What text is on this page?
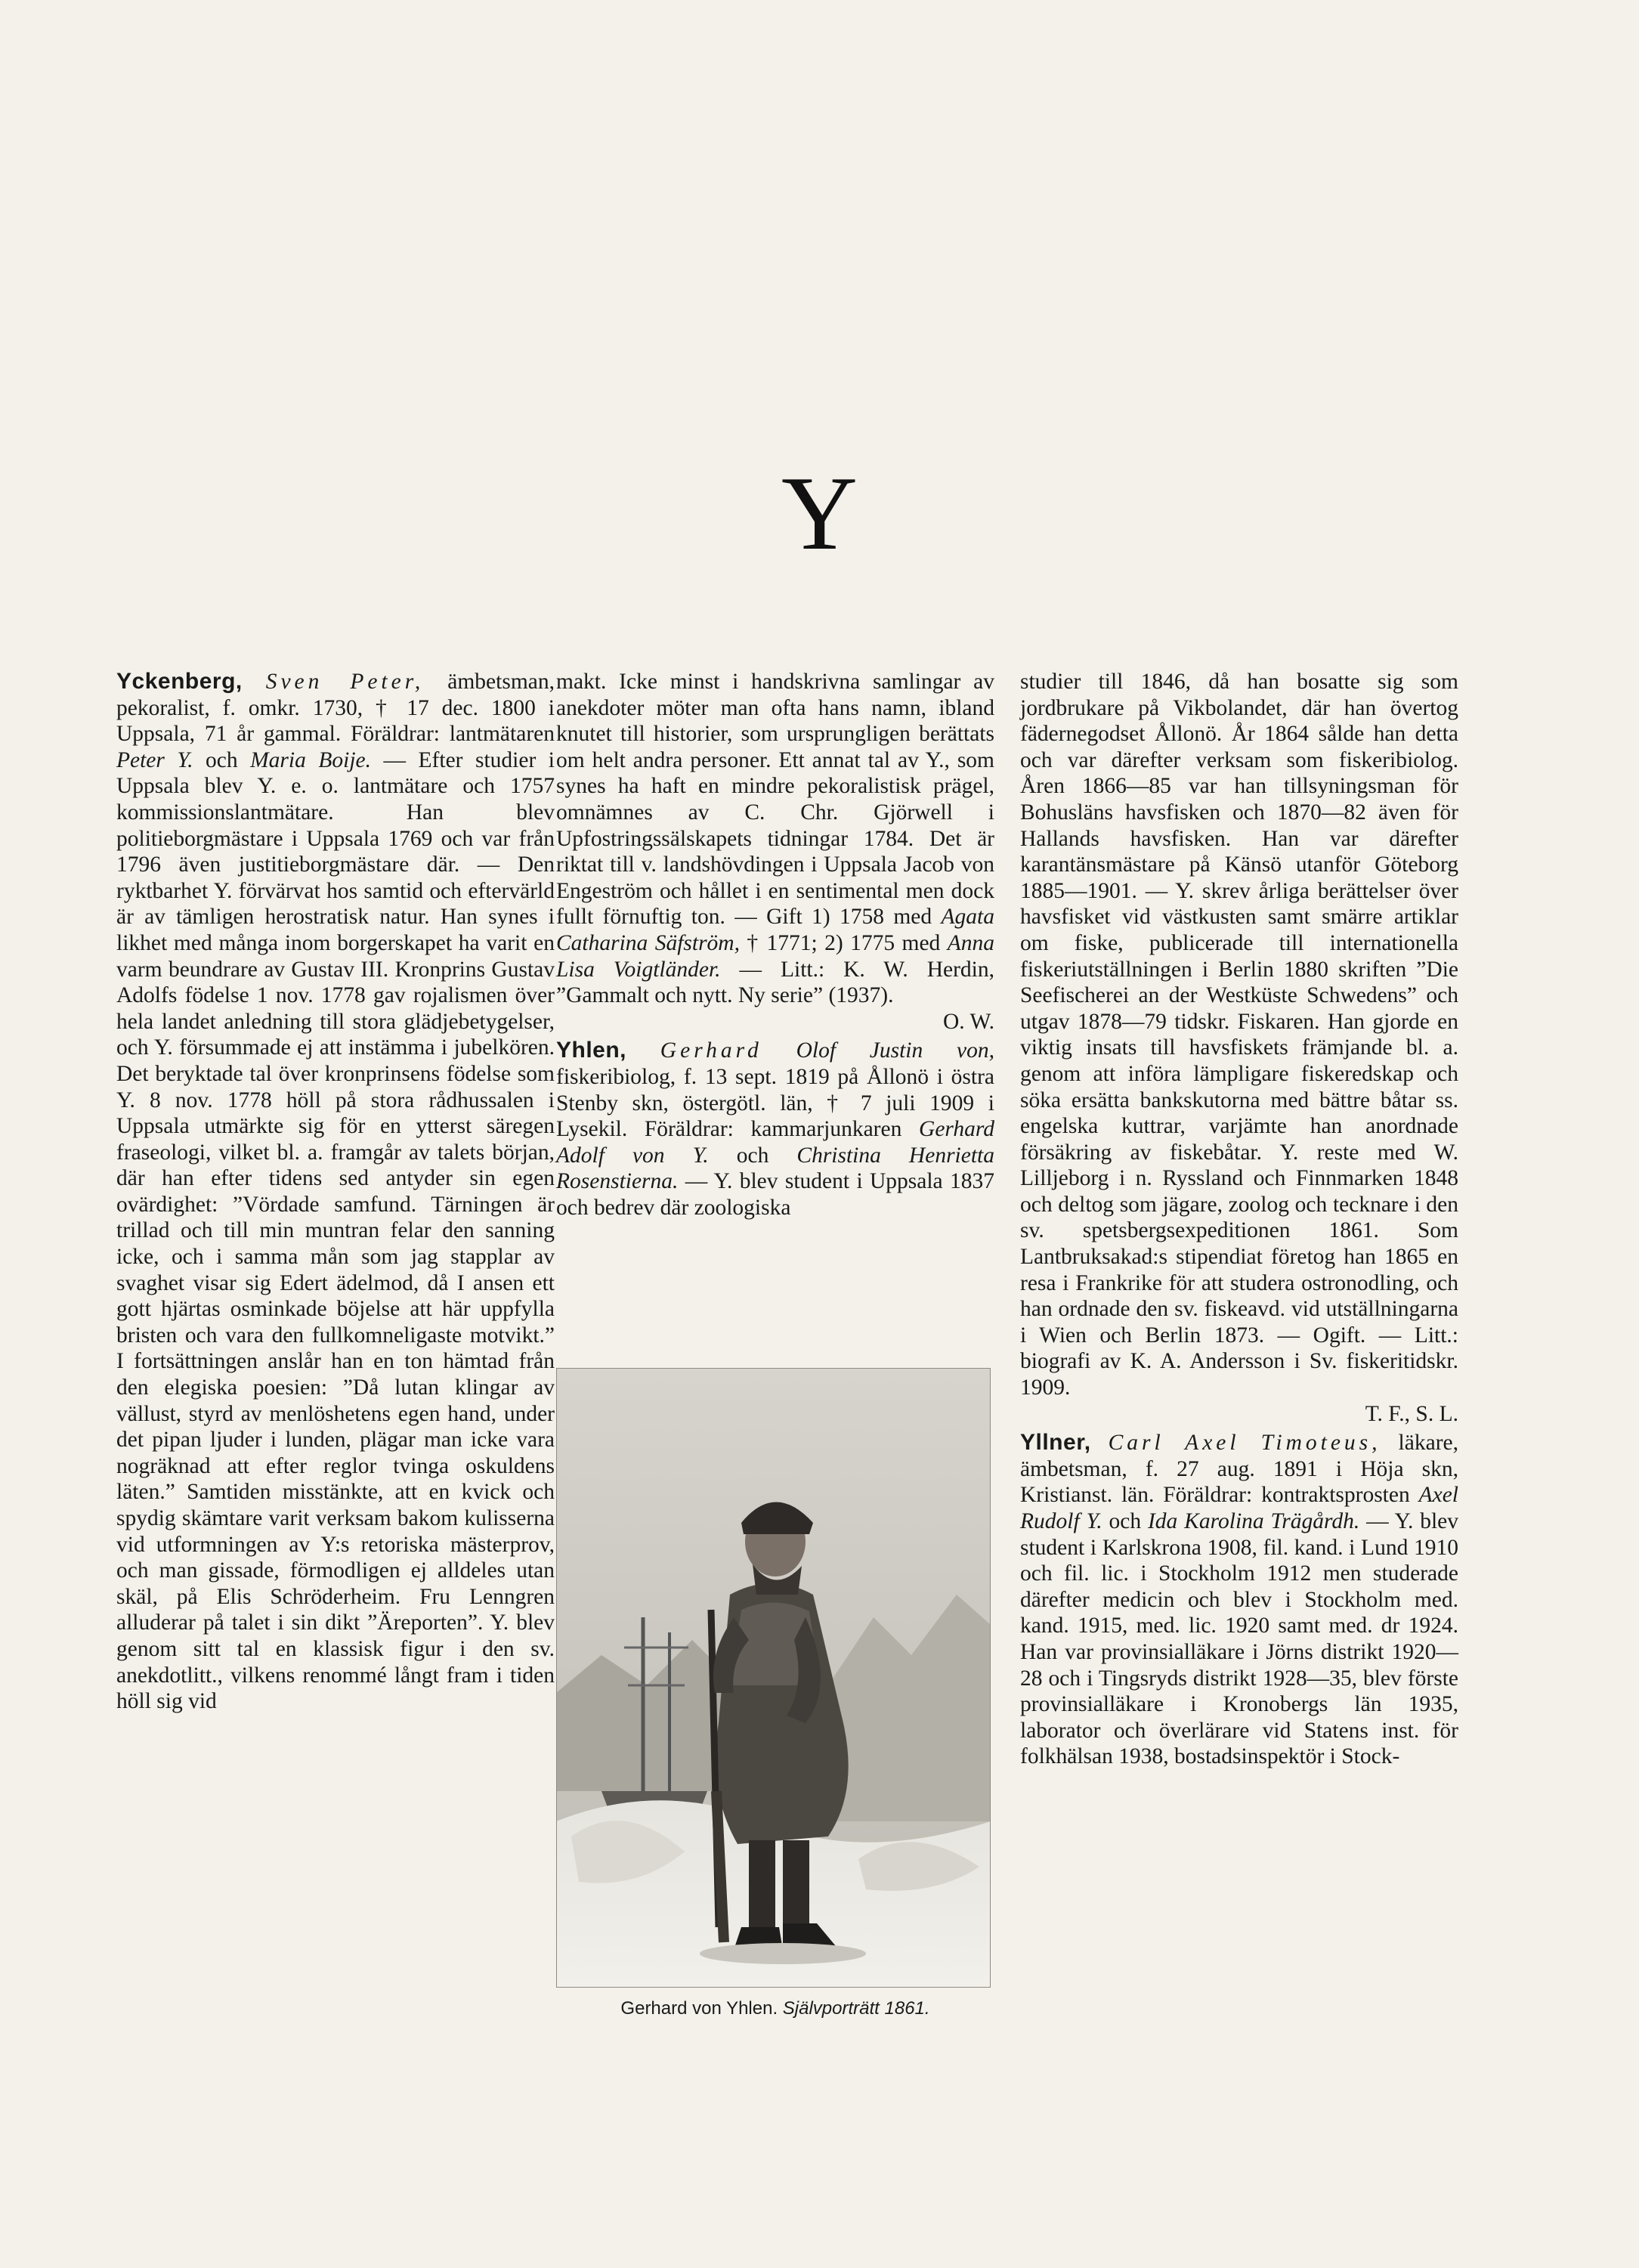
Y

Yckenberg, Sven Peter, ämbetsman, pekoralist, f. omkr. 1730, † 17 dec. 1800 i Uppsala, 71 år gammal. Föräldrar: lantmätaren Peter Y. och Maria Boije. — Efter studier i Uppsala blev Y. e. o. lantmätare och 1757 kommissionslantmätare. Han blev politieborgmästare i Uppsala 1769 och var från 1796 även justitieborgmästare där. — Den ryktbarhet Y. förvärvat hos samtid och eftervärld är av tämligen herostratisk natur. Han synes i likhet med många inom borgerskapet ha varit en varm beundrare av Gustav III. Kronprins Gustav Adolfs födelse 1 nov. 1778 gav rojalismen över hela landet anledning till stora glädjebetygelser, och Y. försummade ej att instämma i jubelkören. Det beryktade tal över kronprinsens födelse som Y. 8 nov. 1778 höll på stora rådhussalen i Uppsala utmärkte sig för en ytterst säregen fraseologi, vilket bl. a. framgår av talets början, där han efter tidens sed antyder sin egen ovärdighet: ”Vördade samfund. Tärningen är trillad och till min muntran felar den sanning icke, och i samma mån som jag stapplar av svaghet visar sig Edert ädelmod, då I ansen ett gott hjärtas osminkade böjelse att här uppfylla bristen och vara den fullkomneligaste motvikt.” I fortsättningen anslår han en ton hämtad från den elegiska poesien: ”Då lutan klingar av vällust, styrd av menlöshetens egen hand, under det pipan ljuder i lunden, plägar man icke vara nogräknad att efter reglor tvinga oskuldens läten.” Samtiden misstänkte, att en kvick och spydig skämtare varit verksam bakom kulisserna vid utformningen av Y:s retoriska mästerprov, och man gissade, förmodligen ej alldeles utan skäl, på Elis Schröderheim. Fru Lenngren alluderar på talet i sin dikt ”Äreporten”. Y. blev genom sitt tal en klassisk figur i den sv. anekdotlitt., vilkens renommé långt fram i tiden höll sig vid

makt. Icke minst i handskrivna samlingar av anekdoter möter man ofta hans namn, ibland knutet till historier, som ursprungligen berättats om helt andra personer. Ett annat tal av Y., som synes ha haft en mindre pekoralistisk prägel, omnämnes av C. Chr. Gjörwell i Upfostringssälskapets tidningar 1784. Det är riktat till v. landshövdingen i Uppsala Jacob von Engeström och hållet i en sentimental men dock fullt förnuftig ton. — Gift 1) 1758 med Agata Catharina Säfström, † 1771; 2) 1775 med Anna Lisa Voigtländer. — Litt.: K. W. Herdin, ”Gammalt och nytt. Ny serie” (1937).

O. W.

Yhlen, Gerhard Olof Justin von, fiskeribiolog, f. 13 sept. 1819 på Ållonö i östra Stenby skn, östergötl. län, † 7 juli 1909 i Lysekil. Föräldrar: kammarjunkaren Gerhard Adolf von Y. och Christina Henrietta Rosenstierna. — Y. blev student i Uppsala 1837 och bedrev där zoologiska

Gerhard von Yhlen. Självporträtt 1861.

studier till 1846, då han bosatte sig som jordbrukare på Vikbolandet, där han övertog fädernegodset Ållonö. År 1864 sålde han detta och var därefter verksam som fiskeribiolog. Åren 1866—85 var han tillsyningsman för Bohusläns havsfisken och 1870—82 även för Hallands havsfisken. Han var därefter karantänsmästare på Känsö utanför Göteborg 1885—1901. — Y. skrev årliga berättelser över havsfisket vid västkusten samt smärre artiklar om fiske, publicerade till internationella fiskeriutställningen i Berlin 1880 skriften ”Die Seefischerei an der Westküste Schwedens” och utgav 1878—79 tidskr. Fiskaren. Han gjorde en viktig insats till havsfiskets främjande bl. a. genom att införa lämpligare fiskeredskap och söka ersätta bankskutorna med bättre båtar ss. engelska kuttrar, varjämte han anordnade försäkring av fiskebåtar. Y. reste med W. Lilljeborg i n. Ryssland och Finnmarken 1848 och deltog som jägare, zoolog och tecknare i den sv. spetsbergsexpeditionen 1861. Som Lantbruksakad:s stipendiat företog han 1865 en resa i Frankrike för att studera ostronodling, och han ordnade den sv. fiskeavd. vid utställningarna i Wien och Berlin 1873. — Ogift. — Litt.: biografi av K. A. Andersson i Sv. fiskeritidskr. 1909.

T. F., S. L.

Yllner, Carl Axel Timoteus, läkare, ämbetsman, f. 27 aug. 1891 i Höja skn, Kristianst. län. Föräldrar: kontraktsprosten Axel Rudolf Y. och Ida Karolina Trägårdh. — Y. blev student i Karlskrona 1908, fil. kand. i Lund 1910 och fil. lic. i Stockholm 1912 men studerade därefter medicin och blev i Stockholm med. kand. 1915, med. lic. 1920 samt med. dr 1924. Han var provinsialläkare i Jörns distrikt 1920—28 och i Tingsryds distrikt 1928—35, blev förste provinsialläkare i Kronobergs län 1935, laborator och överlärare vid Statens inst. för folkhälsan 1938, bostadsinspektör i Stock-
